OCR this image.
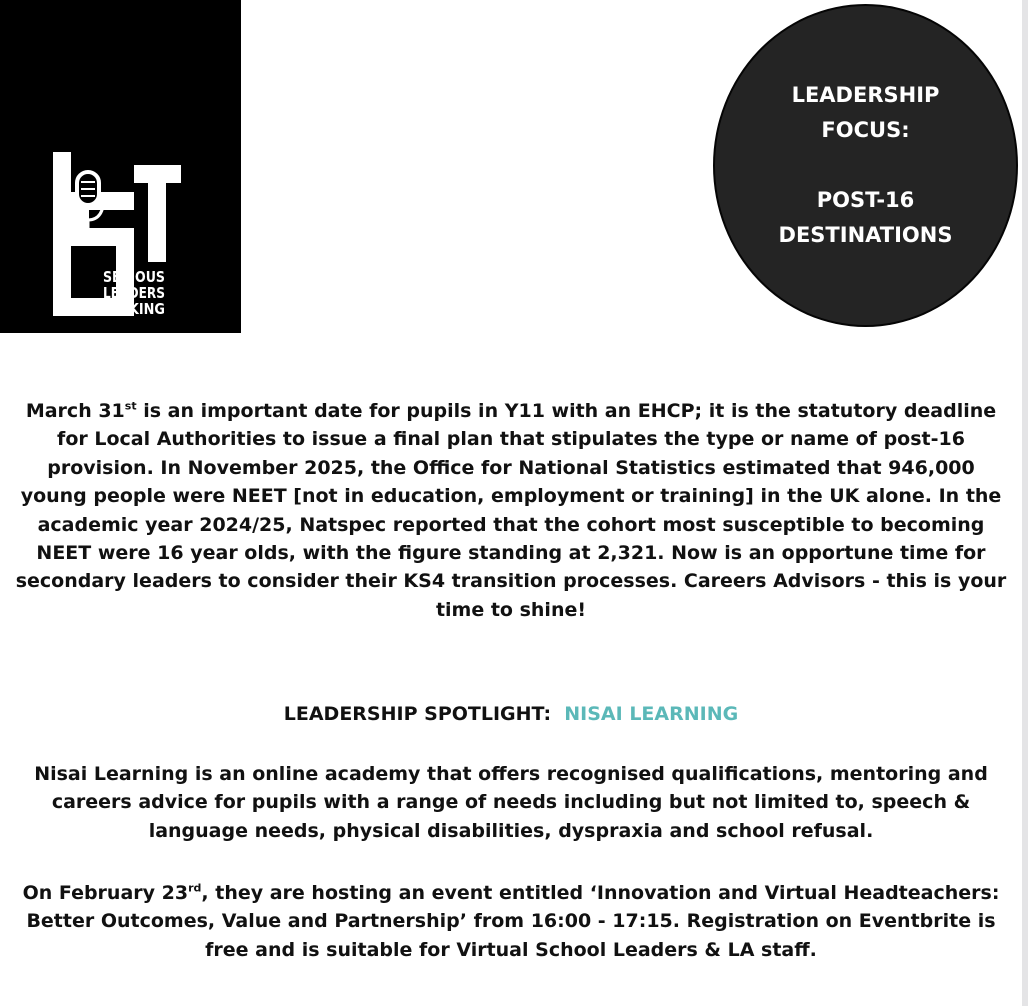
SERIOUS
LEADERS
TALKING
LEADERSHIP
FOCUS:
POST-16
DESTINATIONS
March 31st is an important date for pupils in Y11 with an EHCP; it is the statutory deadline for Local Authorities to issue a final plan that stipulates the type or name of post-16 provision. In November 2025, the Office for National Statistics estimated that 946,000 young people were NEET [not in education, employment or training] in the UK alone. In the academic year 2024/25, Natspec reported that the cohort most susceptible to becoming NEET were 16 year olds, with the figure standing at 2,321. Now is an opportune time for secondary leaders to consider their KS4 transition processes. Careers Advisors - this is your time to shine!
LEADERSHIP SPOTLIGHT:  NISAI LEARNING
Nisai Learning is an online academy that offers recognised qualifications, mentoring and careers advice for pupils with a range of needs including but not limited to, speech & language needs, physical disabilities, dyspraxia and school refusal.
On February 23rd, they are hosting an event entitled ‘Innovation and Virtual Headteachers: Better Outcomes, Value and Partnership’ from 16:00 - 17:15. Registration on Eventbrite is free and is suitable for Virtual School Leaders & LA staff.
